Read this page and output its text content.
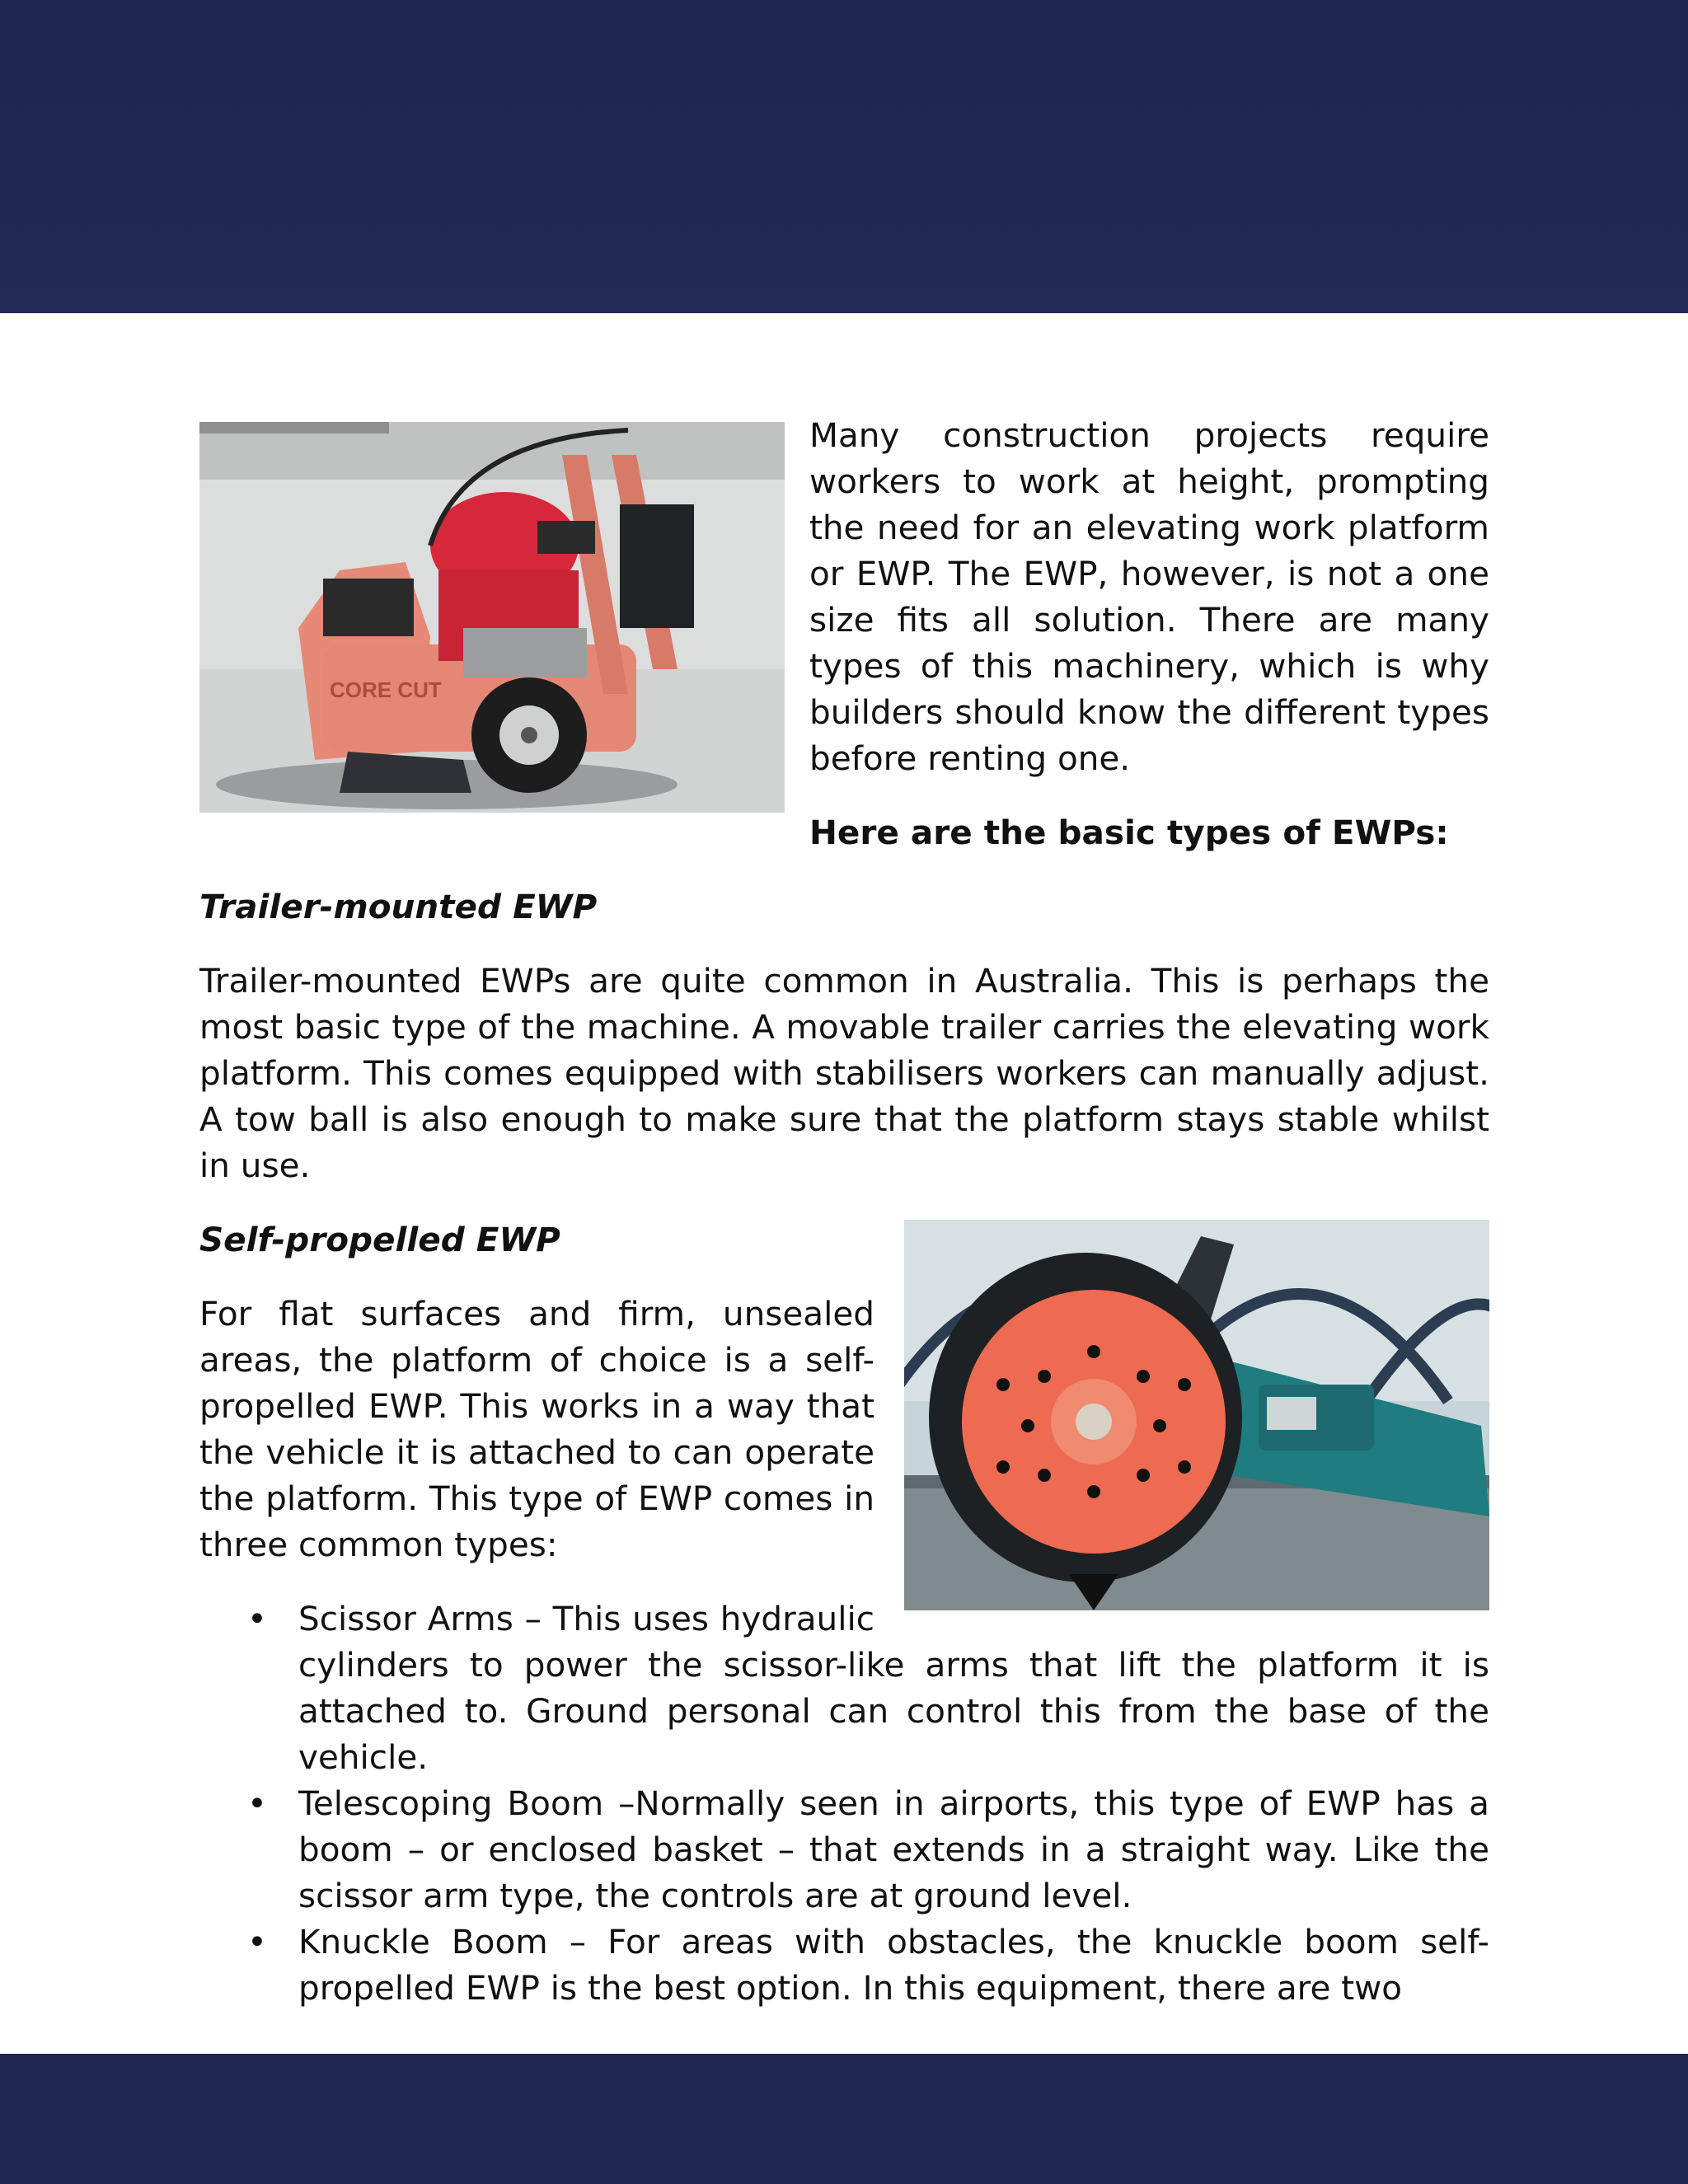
CORE CUT

Many construction projects require workers to work at height, prompting the need for an elevating work platform or EWP. The EWP, however, is not a one size fits all solution. There are many types of this machinery, which is why builders should know the different types before renting one.

Here are the basic types of EWPs:
Trailer-mounted EWP

Trailer-mounted EWPs are quite common in Australia. This is perhaps the most basic type of the machine. A movable trailer carries the elevating work platform. This comes equipped with stabilisers workers can manually adjust. A tow ball is also enough to make sure that the platform stays stable whilst in use.

Self-propelled EWP

For flat surfaces and firm, unsealed areas, the platform of choice is a self-propelled EWP. This works in a way that the vehicle it is attached to can operate the platform. This type of EWP comes in three common types:

• Scissor Arms – This uses hydraulic cylinders to power the scissor-like arms that lift the platform it is attached to. Ground personal can control this from the base of the vehicle.
• Telescoping Boom –Normally seen in airports, this type of EWP has a boom – or enclosed basket – that extends in a straight way. Like the scissor arm type, the controls are at ground level.
• Knuckle Boom – For areas with obstacles, the knuckle boom self-propelled EWP is the best option. In this equipment, there are two
